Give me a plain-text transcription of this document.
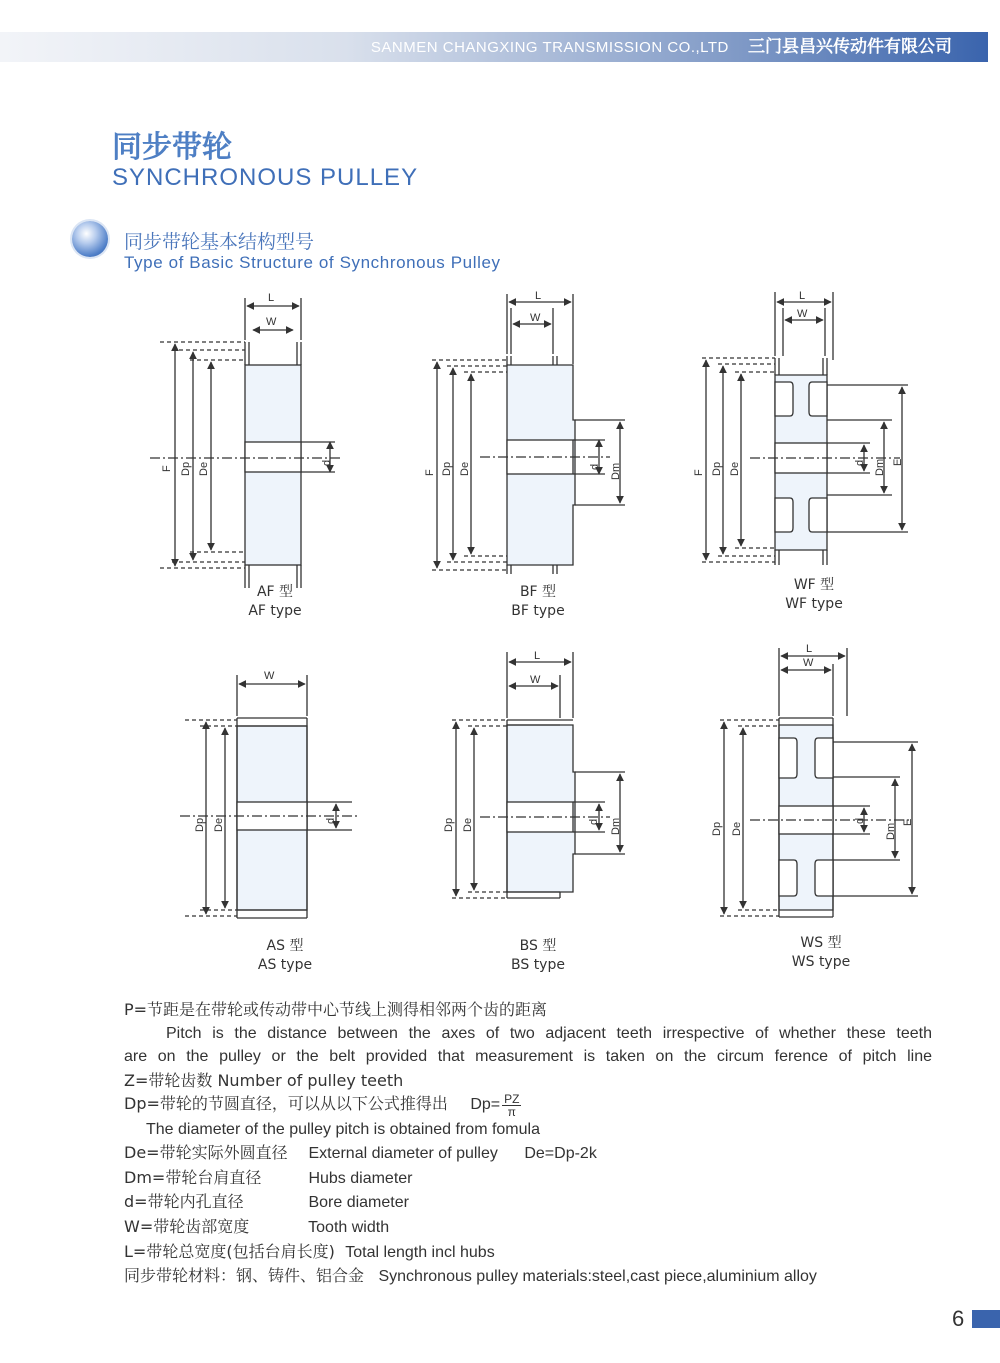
SANMEN CHANGXING TRANSMISSION CO.,LTD 三门县昌兴传动件有限公司
同步带轮
SYNCHRONOUS PULLEY
同步带轮基本结构型号
Type of Basic Structure of Synchronous Pulley
L
W
F Dp De	d
L
W
F Dp De	d Dm
L
W
F Dp De	d Dm E
W
Dp De	d
L
W
Dp De	d Dm
L
W
Dp De
d
Dm
E
AF 型
AF type
BF 型
BF type
WF 型
WF type
AS 型
AS type
BS 型
BS type
WS 型
WS type
P=节距是在带轮或传动带中心节线上测得相邻两个齿的距离
Pitch is the distance between the axes of two adjacent teeth irrespective of whether these teeth
are on the pulley or the belt provided that measurement is taken on the circum ference of pitch line
Z=带轮齿数 Number of pulley teeth
Dp=带轮的节圆直径，可以从以下公式推得出 $Dp= \frac{PZ}{\pi}$
The diameter of the pulley pitch is obtained from fomula
De=带轮实际外圆直径 External diameter of pulley De=Dp-2k
Dm=带轮台肩直径	Hubs diameter
d=带轮内孔直径	Bore diameter
W=带轮齿部宽度	Tooth width
L=带轮总宽度(包括台肩长度) Total length incl hubs
同步带轮材料：钢、铸件、铝合金 Synchronous pulley materials:steel,cast piece,aluminium alloy
6
